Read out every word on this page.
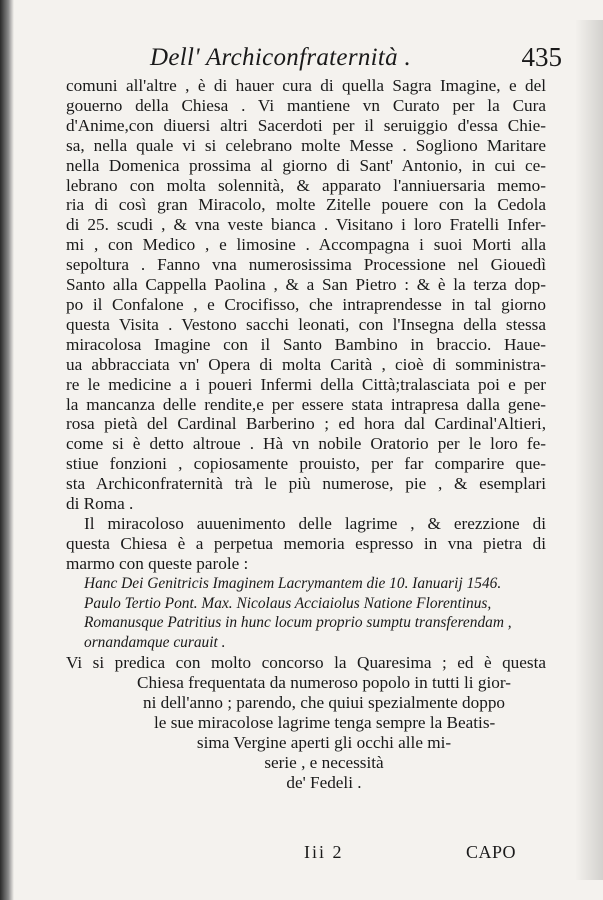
Dell' Archiconfraternità .	435
comuni all'altre , è di hauer cura di quella Sagra Imagine, e del
gouerno della Chiesa . Vi mantiene vn Curato per la Cura
d'Anime,con diuersi altri Sacerdoti per il seruiggio d'essa Chie-
sa, nella quale vi si celebrano molte Messe . Sogliono Maritare
nella Domenica prossima al giorno di Sant' Antonio, in cui ce-
lebrano con molta solennità, & apparato l'anniuersaria memo-
ria di così gran Miracolo, molte Zitelle pouere con la Cedola
di 25. scudi , & vna veste bianca . Visitano i loro Fratelli Infer-
mi , con Medico , e limosine . Accompagna i suoi Morti alla
sepoltura . Fanno vna numerosissima Processione nel Giouedì
Santo alla Cappella Paolina , & a San Pietro : & è la terza dop-
po il Confalone , e Crocifisso, che intraprendesse in tal giorno
questa Visita . Vestono sacchi leonati, con l'Insegna della stessa
miracolosa Imagine con il Santo Bambino in braccio. Haue-
ua abbracciata vn' Opera di molta Carità , cioè di somministra-
re le medicine a i poueri Infermi della Città;tralasciata poi e per
la mancanza delle rendite,e per essere stata intrapresa dalla gene-
rosa pietà del Cardinal Barberino ; ed hora dal Cardinal'Altieri,
come si è detto altroue . Hà vn nobile Oratorio per le loro fe-
stiue fonzioni , copiosamente prouisto, per far comparire que-
sta Archiconfraternità trà le più numerose, pie , & esemplari
di Roma .
Il miracoloso auuenimento delle lagrime , & erezzione di
questa Chiesa è a perpetua memoria espresso in vna pietra di
marmo con queste parole :
Hanc Dei Genitricis Imaginem Lacrymantem die 10. Ianuarij 1546.
Paulo Tertio Pont. Max. Nicolaus Acciaiolus Natione Florentinus,
Romanusque Patritius in hunc locum proprio sumptu transferendam ,
ornandamque curauit .
Vi si predica con molto concorso la Quaresima ; ed è questa
Chiesa frequentata da numeroso popolo in tutti li gior-
ni dell'anno ; parendo, che quiui spezialmente doppo
le sue miracolose lagrime tenga sempre la Beatis-
sima Vergine aperti gli occhi alle mi-
serie , e necessità
de' Fedeli .
Iii 2	CAPO
